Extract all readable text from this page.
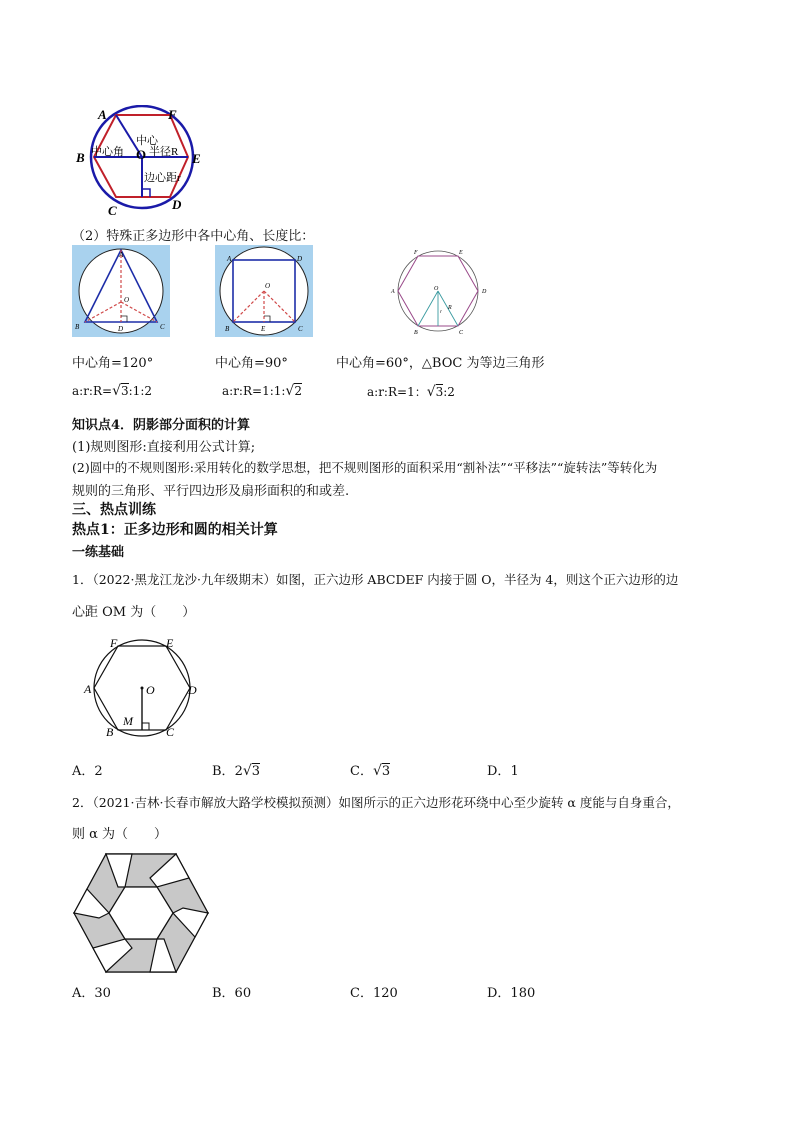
A	F
B	E
C	D
O
中心
中心角 半径R
边心距r
（2）特殊正多边形中各中心角、长度比：
A
B	C
D
O
A	D
B	C
E
O
F	E
A	D
B	C
O
r
R
中心角=120°	中心角=90°	中心角=60°，△BOC 为等边三角形
a:r:R=√3:1:2	a:r:R=1:1:√2	a:r:R=1：√3:2
知识点4．阴影部分面积的计算
(1)规则图形:直接利用公式计算;
(2)圆中的不规则图形:采用转化的数学思想，把不规则图形的面积采用“割补法”“平移法”“旋转法”等转化为
规则的三角形、平行四边形及扇形面积的和或差.
三、热点训练
热点1：正多边形和圆的相关计算
一练基础
1．（2022·黑龙江龙沙·九年级期末）如图，正六边形 ABCDEF 内接于圆 O，半径为 4，则这个正六边形的边
心距 OM 为（　　）
F	E
A	D
B	C
O
M
A．2	B．2√3	C．√3	D．1
2．（2021·吉林·长春市解放大路学校模拟预测）如图所示的正六边形花环绕中心至少旋转 α 度能与自身重合，
则 α 为（　　）
A．30	B．60	C．120	D．180
